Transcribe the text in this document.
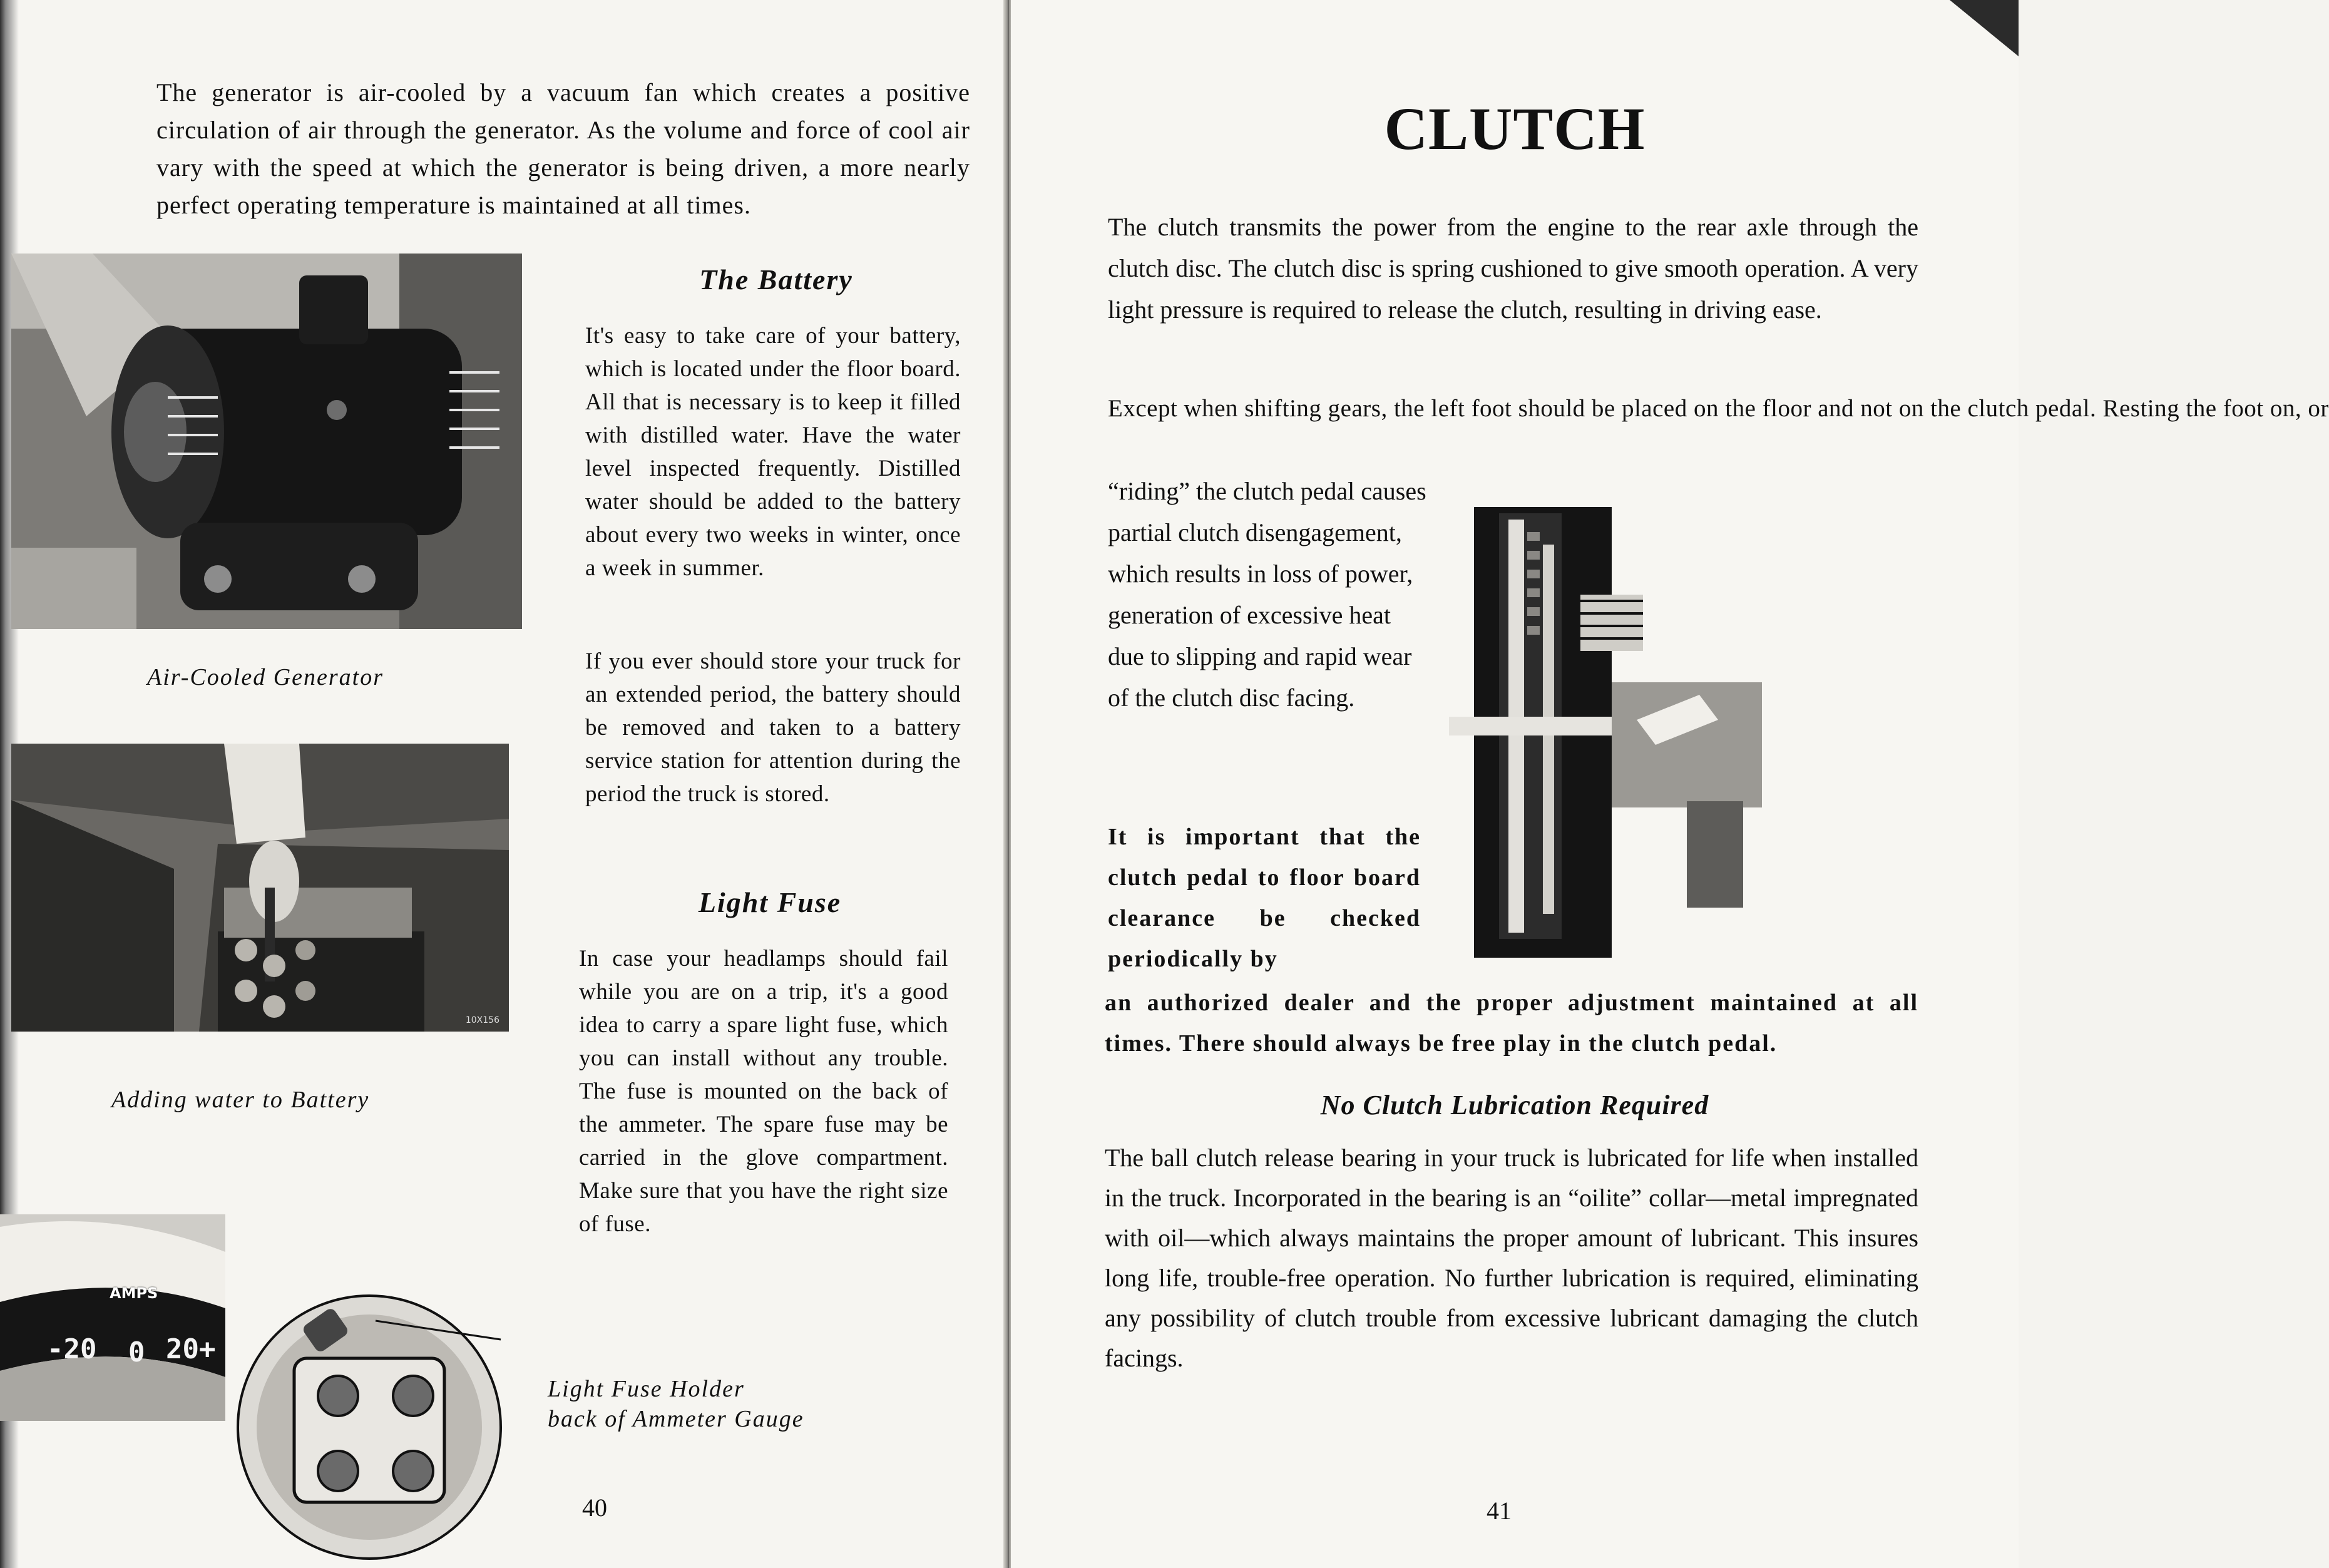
The generator is air-cooled by a vacuum fan which creates a positive circulation of air through the generator. As the volume and force of cool air vary with the speed at which the generator is being driven, a more nearly perfect operating temperature is maintained at all times.

Air-Cooled Generator
10X156
Adding water to Battery
The Battery

It's easy to take care of your battery, which is located under the floor board. All that is necessary is to keep it filled with distilled water. Have the water level inspected frequently. Distilled water should be added to the battery about every two weeks in winter, once a week in summer.

If you ever should store your truck for an extended period, the battery should be removed and taken to a battery service station for attention during the period the truck is stored.

Light Fuse

In case your headlamps should fail while you are on a trip, it's a good idea to carry a spare light fuse, which you can install without any trouble. The fuse is mounted on the back of the ammeter. The spare fuse may be carried in the glove compartment. Make sure that you have the right size of fuse.

AMPS
-20 0 20+
Light Fuse Holder
back of Ammeter Gauge
40
CLUTCH

The clutch transmits the power from the engine to the rear axle through the clutch disc. The clutch disc is spring cushioned to give smooth operation. A very light pressure is required to release the clutch, resulting in driving ease.

Except when shifting gears, the left foot should be placed on the floor and not on the clutch pedal. Resting the foot on, or

“riding” the clutch pedal causes partial clutch disengagement, which results in loss of power, generation of excessive heat due to slipping and rapid wear of the clutch disc facing.

It is important that the clutch pedal to floor board clearance be checked periodically by

an authorized dealer and the proper adjustment maintained at all times. There should always be free play in the clutch pedal.

No Clutch Lubrication Required

The ball clutch release bearing in your truck is lubricated for life when installed in the truck. Incorporated in the bearing is an “oilite” collar—metal impregnated with oil—which always maintains the proper amount of lubricant. This insures long life, trouble-free operation. No further lubrication is required, eliminating any possibility of clutch trouble from excessive lubricant damaging the clutch facings.

41
